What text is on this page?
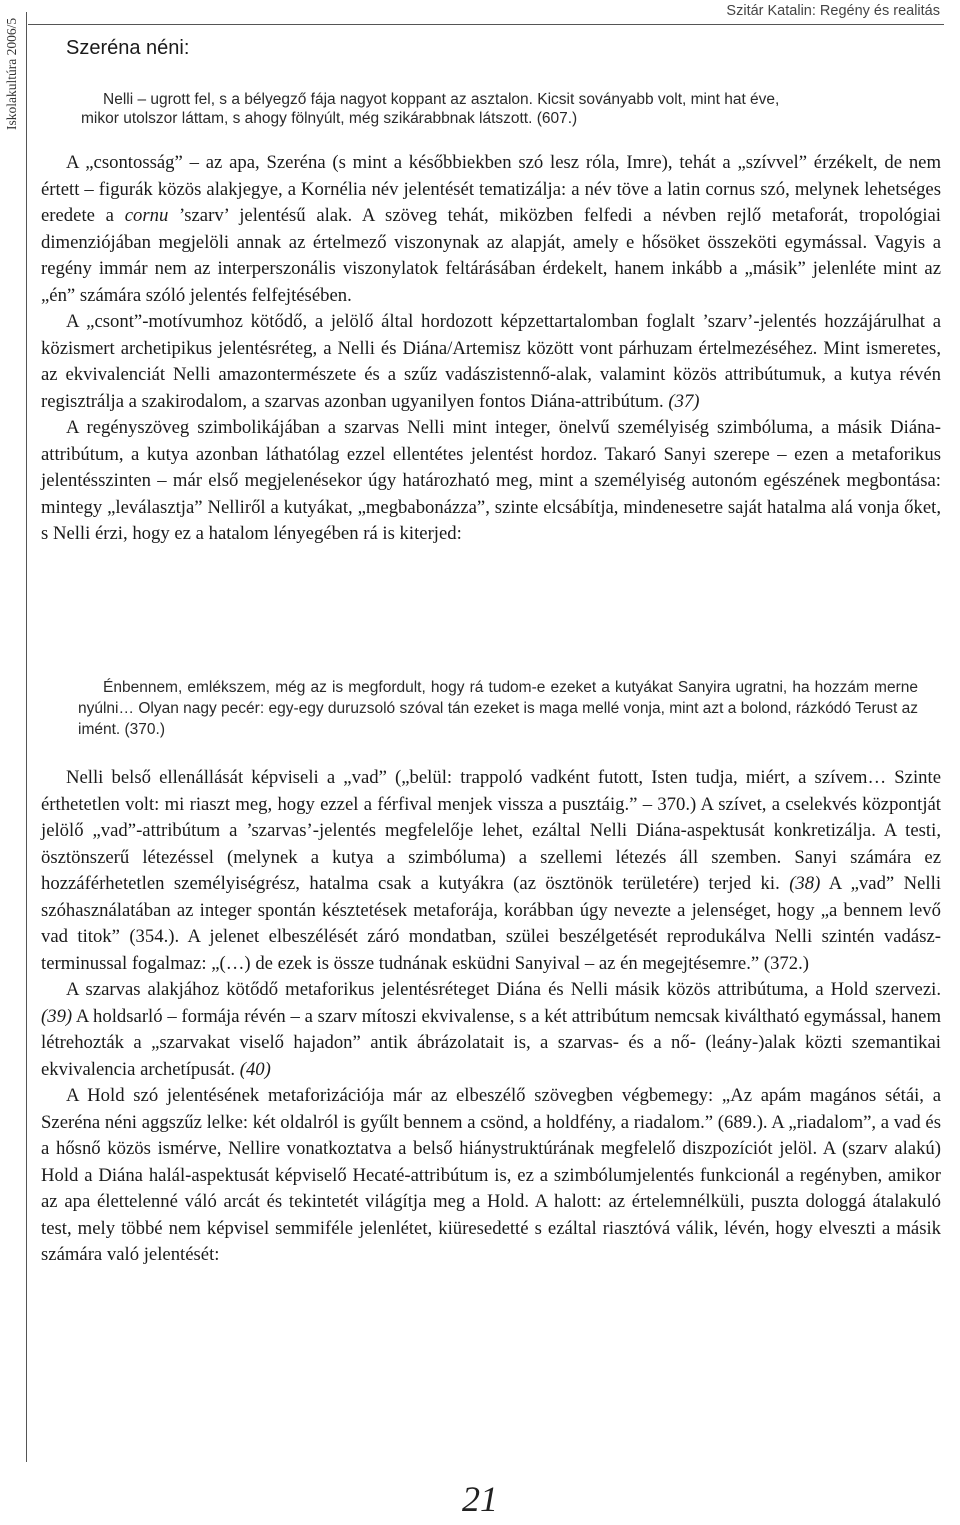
Iskolakultúra 2006/5
Szitár Katalin: Regény és realitás
Szeréna néni:
Nelli – ugrott fel, s a bélyegző fája nagyot koppant az asztalon. Kicsit soványabb volt, mint hat éve,

mikor utolszor láttam, s ahogy fölnyúlt, még szikárabbnak látszott. (607.)

A „csontosság” – az apa, Szeréna (s mint a későbbiekben szó lesz róla, Imre), tehát a „szívvel” érzékelt, de nem értett – figurák közös alakjegye, a Kornélia név jelentését tematizálja: a név töve a latin cornus szó, melynek lehetséges eredete a cornu ’szarv’ jelentésű alak. A szöveg tehát, miközben felfedi a névben rejlő metaforát, tropológiai dimenziójában megjelöli annak az értelmező viszonynak az alapját, amely e hősöket összeköti egymással. Vagyis a regény immár nem az interperszonális viszonylatok feltárásában érdekelt, hanem inkább a „másik” jelenléte mint az „én” számára szóló jelentés felfejtésében.

A „csont”-motívumhoz kötődő, a jelölő által hordozott képzettartalomban foglalt ’szarv’-jelentés hozzájárulhat a közismert archetipikus jelentésréteg, a Nelli és Diána/Artemisz között vont párhuzam értelmezéséhez. Mint ismeretes, az ekvivalenciát Nelli amazontermészete és a szűz vadászistennő-alak, valamint közös attribútumuk, a kutya révén regisztrálja a szakirodalom, a szarvas azonban ugyanilyen fontos Diána-attribútum. (37)

A regényszöveg szimbolikájában a szarvas Nelli mint integer, önelvű személyiség szimbóluma, a másik Diána-attribútum, a kutya azonban láthatólag ezzel ellentétes jelentést hordoz. Takaró Sanyi szerepe – ezen a metaforikus jelentésszinten – már első megjelenésekor úgy határozható meg, mint a személyiség autonóm egészének megbontása: mintegy „leválasztja” Nelliről a kutyákat, „megbabonázza”, szinte elcsábítja, mindenesetre saját hatalma alá vonja őket, s Nelli érzi, hogy ez a hatalom lényegében rá is kiterjed:

Énbennem, emlékszem, még az is megfordult, hogy rá tudom-e ezeket a kutyákat Sanyira ugratni, ha hozzám merne nyúlni… Olyan nagy pecér: egy-egy duruzsoló szóval tán ezeket is maga mellé vonja, mint azt a bolond, rázkódó Terust az imént. (370.)

Nelli belső ellenállását képviseli a „vad” („belül: trappoló vadként futott, Isten tudja, miért, a szívem… Szinte érthetetlen volt: mi riaszt meg, hogy ezzel a férfival menjek vissza a pusztáig.” – 370.) A szívet, a cselekvés központját jelölő „vad”-attribútum a ’szarvas’-jelentés megfelelője lehet, ezáltal Nelli Diána-aspektusát konkretizálja. A testi, ösztönszerű létezéssel (melynek a kutya a szimbóluma) a szellemi létezés áll szemben. Sanyi számára ez hozzáférhetetlen személyiségrész, hatalma csak a kutyákra (az ösztönök területére) terjed ki. (38) A „vad” Nelli szóhasználatában az integer spontán késztetések metaforája, korábban úgy nevezte a jelenséget, hogy „a bennem levő vad titok” (354.). A jelenet elbeszélését záró mondatban, szülei beszélgetését reprodukálva Nelli szintén vadász-terminussal fogalmaz: „(…) de ezek is össze tudnának esküdni Sanyival – az én megejtésemre.” (372.)

A szarvas alakjához kötődő metaforikus jelentésréteget Diána és Nelli másik közös attribútuma, a Hold szervezi. (39) A holdsarló – formája révén – a szarv mítoszi ekvivalense, s a két attribútum nemcsak kiváltható egymással, hanem létrehozták a „szarvakat viselő hajadon” antik ábrázolatait is, a szarvas- és a nő- (leány-)alak közti szemantikai ekvivalencia archetípusát. (40)

A Hold szó jelentésének metaforizációja már az elbeszélő szövegben végbemegy: „Az apám magános sétái, a Szeréna néni aggszűz lelke: két oldalról is gyűlt bennem a csönd, a holdfény, a riadalom.” (689.). A „riadalom”, a vad és a hősnő közös ismérve, Nellire vonatkoztatva a belső hiánystruktúrának megfelelő diszpozíciót jelöl. A (szarv alakú) Hold a Diána halál-aspektusát képviselő Hecaté-attribútum is, ez a szimbólumjelentés funkcionál a regényben, amikor az apa élettelenné váló arcát és tekintetét világítja meg a Hold. A halott: az értelemnélküli, puszta dologgá átalakuló test, mely többé nem képvisel semmiféle jelenlétet, kiüresedetté s ezáltal riasztóvá válik, lévén, hogy elveszti a másik számára való jelentését:

21
